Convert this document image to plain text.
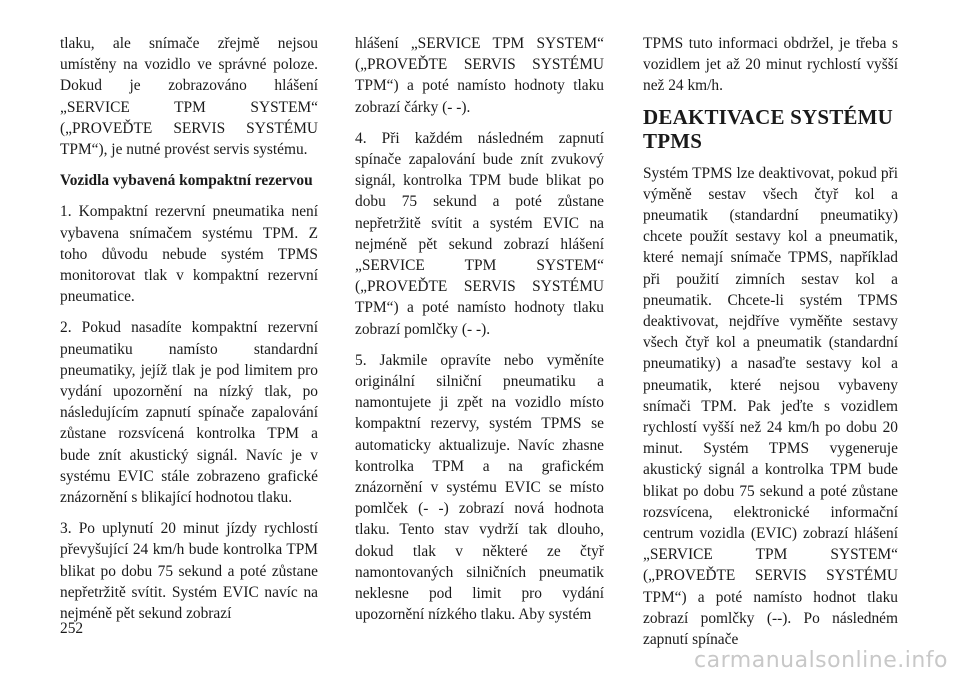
tlaku, ale snímače zřejmě nejsou umístěny na vozidlo ve správné poloze. Dokud je zobrazováno hlášení „SERVICE TPM SYSTEM“ („PROVEĎTE SERVIS SYSTÉMU TPM“), je nutné provést servis systému.

Vozidla vybavená kompaktní rezervou

1. Kompaktní rezervní pneumatika není vybavena snímačem systému TPM. Z toho důvodu nebude systém TPMS monitorovat tlak v kompaktní rezervní pneumatice.

2. Pokud nasadíte kompaktní rezervní pneumatiku namísto standardní pneumatiky, jejíž tlak je pod limitem pro vydání upozornění na nízký tlak, po následujícím zapnutí spínače zapalování zůstane rozsvícená kontrolka TPM a bude znít akustický signál. Navíc je v systému EVIC stále zobrazeno grafické znázornění s blikající hodnotou tlaku.

3. Po uplynutí 20 minut jízdy rychlostí převyšující 24 km/h bude kontrolka TPM blikat po dobu 75 sekund a poté zůstane nepřetržitě svítit. Systém EVIC navíc na nejméně pět sekund zobrazí

hlášení „SERVICE TPM SYSTEM“ („PROVEĎTE SERVIS SYSTÉMU TPM“) a poté namísto hodnoty tlaku zobrazí čárky (- -).

4. Při každém následném zapnutí spínače zapalování bude znít zvukový signál, kontrolka TPM bude blikat po dobu 75 sekund a poté zůstane nepřetržitě svítit a systém EVIC na nejméně pět sekund zobrazí hlášení „SERVICE TPM SYSTEM“ („PROVEĎTE SERVIS SYSTÉMU TPM“) a poté namísto hodnoty tlaku zobrazí pomlčky (- -).

5. Jakmile opravíte nebo vyměníte originální silniční pneumatiku a namontujete ji zpět na vozidlo místo kompaktní rezervy, systém TPMS se automaticky aktualizuje. Navíc zhasne kontrolka TPM a na grafickém znázornění v systému EVIC se místo pomlček (- -) zobrazí nová hodnota tlaku. Tento stav vydrží tak dlouho, dokud tlak v některé ze čtyř namontovaných silničních pneumatik neklesne pod limit pro vydání upozornění nízkého tlaku. Aby systém

TPMS tuto informaci obdržel, je třeba s vozidlem jet až 20 minut rychlostí vyšší než 24 km/h.

DEAKTIVACE SYSTÉMU
TPMS

Systém TPMS lze deaktivovat, pokud při výměně sestav všech čtyř kol a pneumatik (standardní pneumatiky) chcete použít sestavy kol a pneumatik, které nemají snímače TPMS, například při použití zimních sestav kol a pneumatik. Chcete-li systém TPMS deaktivovat, nejdříve vyměňte sestavy všech čtyř kol a pneumatik (standardní pneumatiky) a nasaďte sestavy kol a pneumatik, které nejsou vybaveny snímači TPM. Pak jeďte s vozidlem rychlostí vyšší než 24 km/h po dobu 20 minut. Systém TPMS vygeneruje akustický signál a kontrolka TPM bude blikat po dobu 75 sekund a poté zůstane rozsvícena, elektronické informační centrum vozidla (EVIC) zobrazí hlášení „SERVICE TPM SYSTEM“ („PROVEĎTE SERVIS SYSTÉMU TPM“) a poté namísto hodnot tlaku zobrazí pomlčky (--). Po následném zapnutí spínače

252
carmanualsonline.info
